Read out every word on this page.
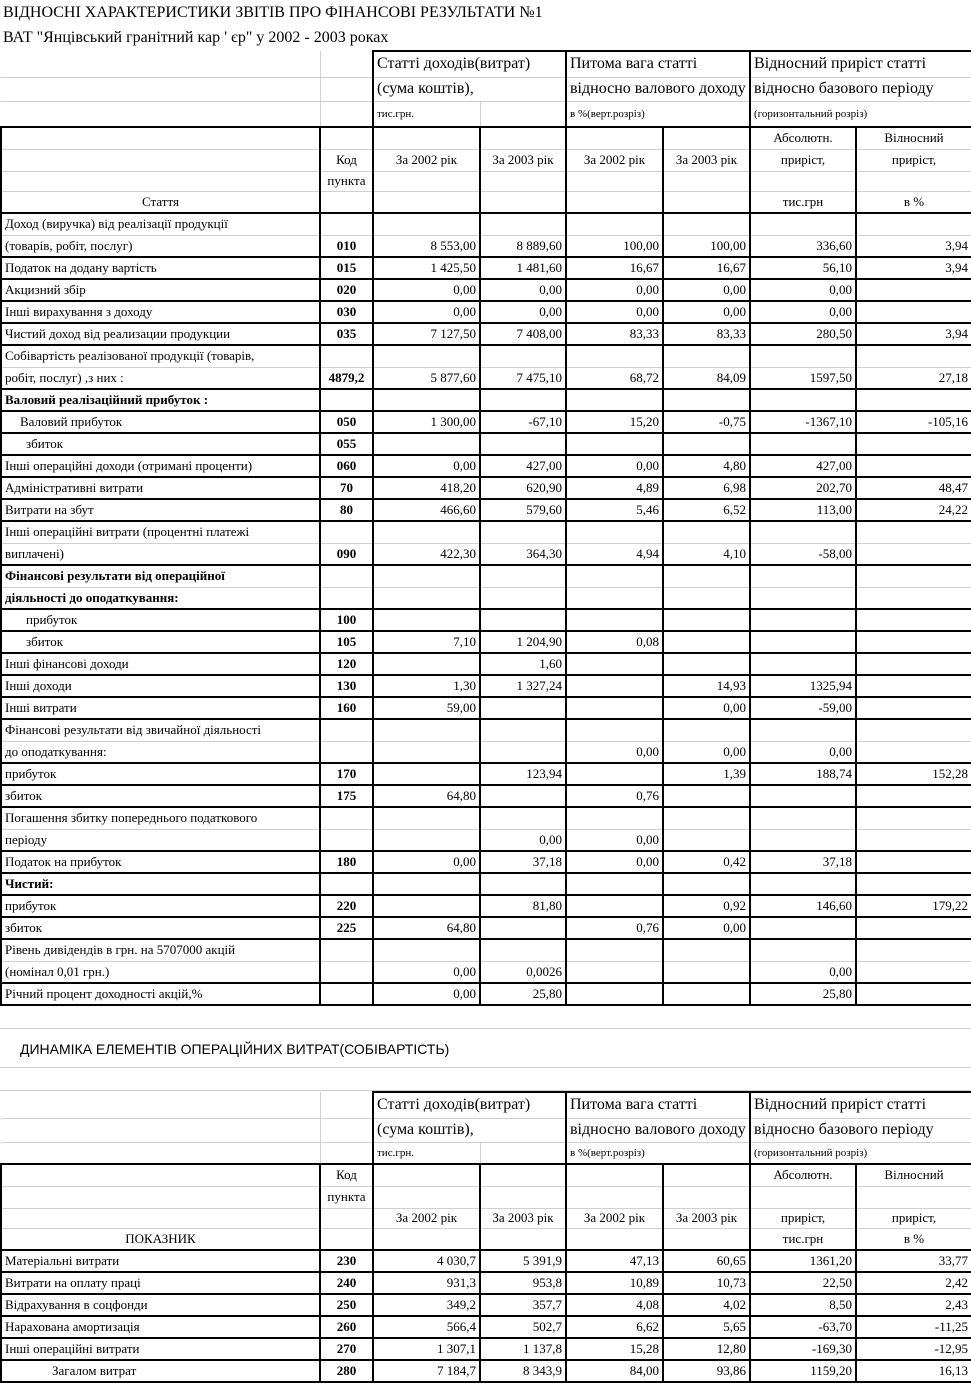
ВІДНОСНІ ХАРАКТЕРИСТИКИ ЗВІТІВ ПРО ФІНАНСОВІ РЕЗУЛЬТАТИ №1
ВАТ "Янцівський гранітний кар ' єр" у 2002 - 2003 роках
		Статті доходів(витрат)		Питома вага статті		Відносний приріст статті	
		(сума коштів),		відносно валового доходу		відносно базового періоду	
		тис.грн.		в %(верт.розріз)		(горизонтальний розріз)	
						Абсолютн.	Вілносний
	Код	За 2002 рік	За 2003 рік	За 2002 рік	За 2003 рік	приріст,	приріст,
	пункта						
Стаття						тис.грн	в %
Доход (виручка) від реалізації продукції							
(товарів, робіт, послуг)	010	8 553,00	8 889,60	100,00	100,00	336,60	3,94
Податок на додану вартість	015	1 425,50	1 481,60	16,67	16,67	56,10	3,94
Акцизний збір	020	0,00	0,00	0,00	0,00	0,00	
Інші вирахування з доходу	030	0,00	0,00	0,00	0,00	0,00	
Чистий доход від реализации продукции	035	7 127,50	7 408,00	83,33	83,33	280,50	3,94
Собівартість реалізованої продукції (товарів,							
робіт, послуг) ,з них :	4879,2	5 877,60	7 475,10	68,72	84,09	1597,50	27,18
Валовий реалізаційний прибуток :							
Валовий прибуток	050	1 300,00	-67,10	15,20	-0,75	-1367,10	-105,16
збиток	055						
Інші операційні доходи (отримані проценти)	060	0,00	427,00	0,00	4,80	427,00	
Адміністративні витрати	70	418,20	620,90	4,89	6,98	202,70	48,47
Витрати на збут	80	466,60	579,60	5,46	6,52	113,00	24,22
Інші операційні витрати (процентні платежі							
виплачені)	090	422,30	364,30	4,94	4,10	-58,00	
Фінансові результати від операційної							
діяльності до оподаткування:							
прибуток	100						
збиток	105	7,10	1 204,90	0,08			
Інші фінансові доходи	120		1,60				
Інші доходи	130	1,30	1 327,24		14,93	1325,94	
Інші витрати	160	59,00			0,00	-59,00	
Фінансові результати від звичайної діяльності							
до оподаткування:				0,00	0,00	0,00	
прибуток	170		123,94		1,39	188,74	152,28
збиток	175	64,80		0,76			
Погашення збитку попереднього податкового							
періоду			0,00	0,00			
Податок на прибуток	180	0,00	37,18	0,00	0,42	37,18	
Чистий:							
прибуток	220		81,80		0,92	146,60	179,22
збиток	225	64,80		0,76	0,00		
Рівень дивідендів в грн. на 5707000 акцій							
(номінал 0,01 грн.)		0,00	0,0026			0,00	
Річний процент доходності акцій,%		0,00	25,80			25,80	
ДИНАМІКА ЕЛЕМЕНТІВ ОПЕРАЦІЙНИХ ВИТРАТ(СОБІВАРТІСТЬ)
		Статті доходів(витрат)		Питома вага статті		Відносний приріст статті	
		(сума коштів),		відносно валового доходу		відносно базового періоду	
		тис.грн.		в %(верт.розріз)		(горизонтальний розріз)	
	Код					Абсолютн.	Вілносний
	пункта						
		За 2002 рік	За 2003 рік	За 2002 рік	За 2003 рік	приріст,	приріст,
ПОКАЗНИК						тис.грн	в %
Матеріальні витрати	230	4 030,7	5 391,9	47,13	60,65	1361,20	33,77
Витрати на оплату праці	240	931,3	953,8	10,89	10,73	22,50	2,42
Відрахування в соцфонди	250	349,2	357,7	4,08	4,02	8,50	2,43
Нарахована амортизація	260	566,4	502,7	6,62	5,65	-63,70	-11,25
Інші операційні витрати	270	1 307,1	1 137,8	15,28	12,80	-169,30	-12,95
Загалом витрат	280	7 184,7	8 343,9	84,00	93,86	1159,20	16,13
